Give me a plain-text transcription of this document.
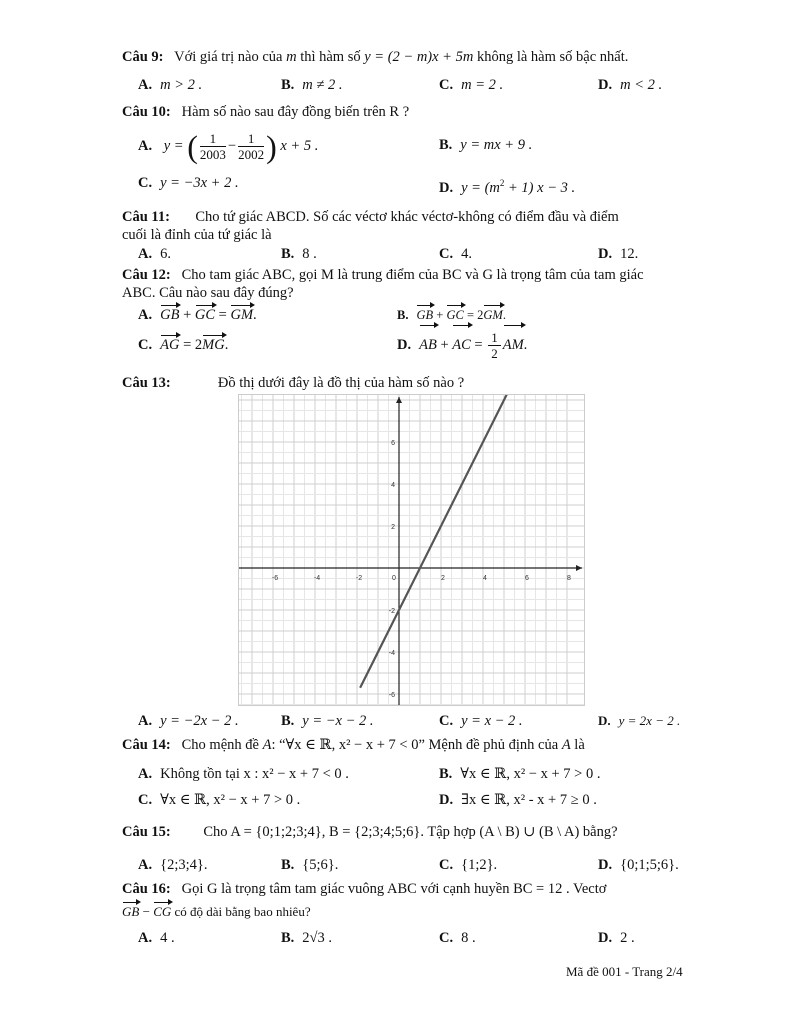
Câu 9: Với giá trị nào của m thì hàm số y = (2 − m)x + 5m không là hàm số bậc nhất.
A. m > 2 .	B. m ≠ 2 .	C. m = 2 .	D. m < 2 .
Câu 10: Hàm số nào sau đây đồng biến trên R ?
A. y = ( $\frac{1}{2003} - \frac{1}{2002}$ ) x + 5 .	B. y = mx + 9 .
C. y = −3x + 2 .	D. $y = (m^2 + 1) x - 3$ .
Câu 11: Cho tứ giác ABCD. Số các véctơ khác véctơ-không có điểm đầu và điểm
cuối là đỉnh của tứ giác là
A. 6.	B. 8 .	C. 4.	D. 12.
Câu 12: Cho tam giác ABC, gọi M là trung điểm của BC và G là trọng tâm của tam giác
ABC. Câu nào sau đây đúng?
A. GB + GC = GM.	B. GB + GC = 2GM.
C. AG = 2MG.	D. AB + AC = $\frac{1}{2}$ AM.
Câu 13:	Đồ thị dưới đây là đồ thị của hàm số nào ?
-6	-4	-2	0	2	4	6	8
6
4
2
-2
-4
-6
A. y = −2x − 2 .	B. y = −x − 2 .	C. y = x − 2 .	D. y = 2x − 2 .
Câu 14: Cho mệnh đề A: “∀x ∈ ℝ, x² − x + 7 < 0” Mệnh đề phủ định của A là
A. Không tồn tại x : x² − x + 7 < 0 .	B. ∀x ∈ ℝ, x² − x + 7 > 0 .
C. ∀x ∈ ℝ, x² − x + 7 > 0 .	D. ∃x ∈ ℝ, x² - x + 7 ≥ 0 .
Câu 15: Cho A = {0;1;2;3;4}, B = {2;3;4;5;6}. Tập hợp (A \ B) ∪ (B \ A) bằng?
A. {2;3;4}.	B. {5;6}.	C. {1;2}.	D. {0;1;5;6}.
Câu 16: Gọi G là trọng tâm tam giác vuông ABC với cạnh huyền BC = 12 . Vectơ
GB − CG có độ dài bằng bao nhiêu?
A. 4 .	B. 2√3 .	C. 8 .	D. 2 .
Mã đề 001 - Trang 2/4
